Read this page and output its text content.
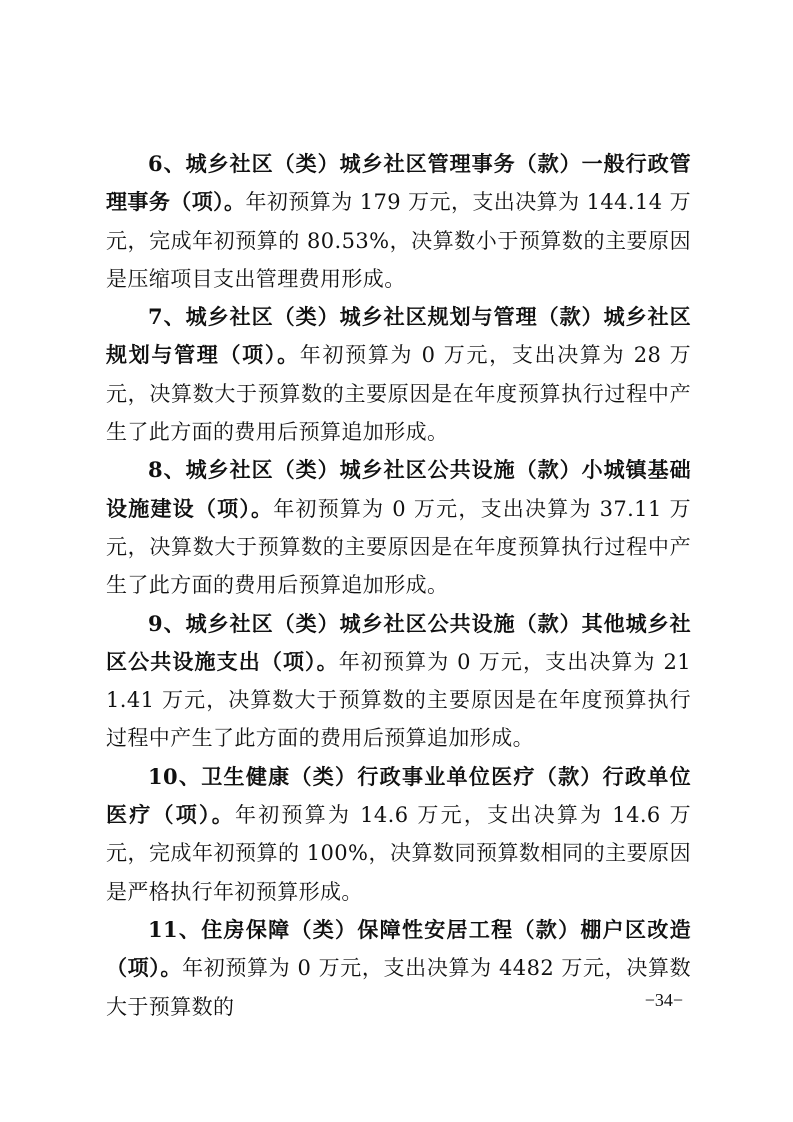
6、城乡社区（类）城乡社区管理事务（款）一般行政管理事务（项）。年初预算为 179 万元，支出决算为 144.14 万元，完成年初预算的 80.53%，决算数小于预算数的主要原因是压缩项目支出管理费用形成。

7、城乡社区（类）城乡社区规划与管理（款）城乡社区规划与管理（项）。年初预算为 0 万元，支出决算为 28 万元，决算数大于预算数的主要原因是在年度预算执行过程中产生了此方面的费用后预算追加形成。

8、城乡社区（类）城乡社区公共设施（款）小城镇基础设施建设（项）。年初预算为 0 万元，支出决算为 37.11 万元，决算数大于预算数的主要原因是在年度预算执行过程中产生了此方面的费用后预算追加形成。

9、城乡社区（类）城乡社区公共设施（款）其他城乡社区公共设施支出（项）。年初预算为 0 万元，支出决算为 211.41 万元，决算数大于预算数的主要原因是在年度预算执行过程中产生了此方面的费用后预算追加形成。

10、卫生健康（类）行政事业单位医疗（款）行政单位医疗（项）。年初预算为 14.6 万元，支出决算为 14.6 万元，完成年初预算的 100%，决算数同预算数相同的主要原因是严格执行年初预算形成。

11、住房保障（类）保障性安居工程（款）棚户区改造（项）。年初预算为 0 万元，支出决算为 4482 万元，决算数大于预算数的	−34−
